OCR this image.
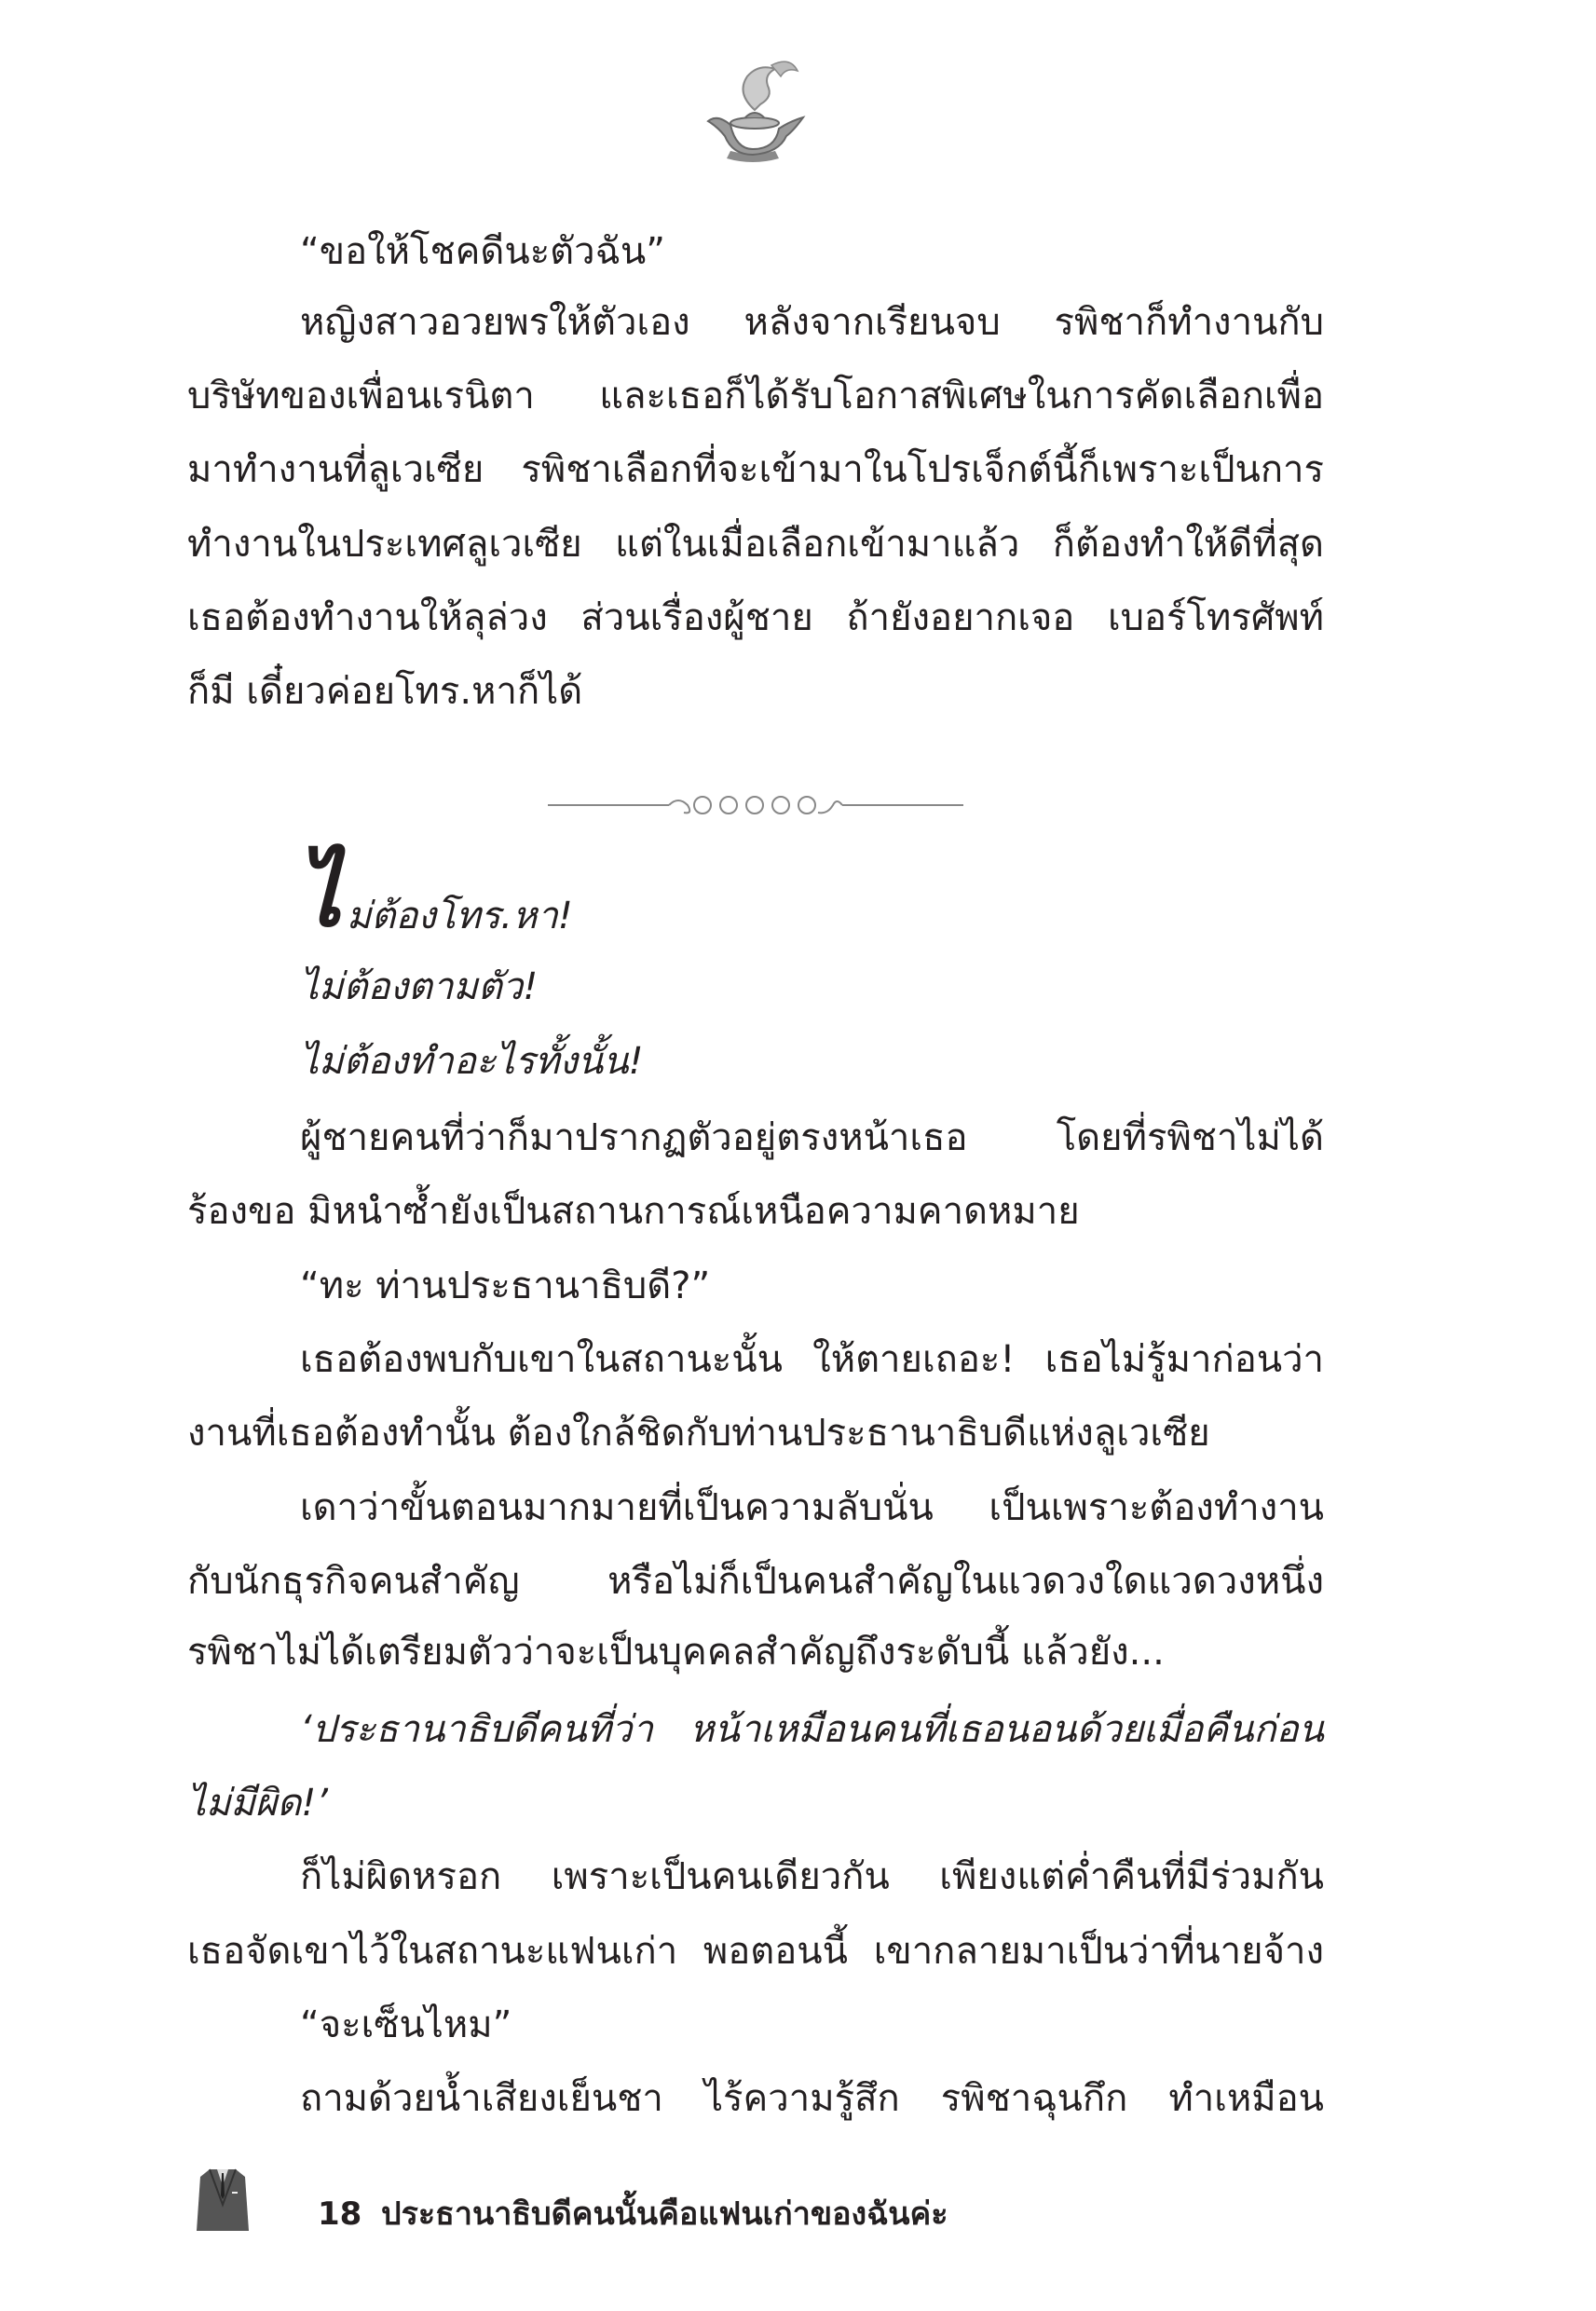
“ขอให้โชคดีนะตัวฉัน”
หญิงสาวอวยพรให้ตัวเอง หลังจากเรียนจบ รพิชาก็ทำงานกับ
บริษัทของเพื่อนเรนิตา และเธอก็ได้รับโอกาสพิเศษในการคัดเลือกเพื่อ
มาทำงานที่ลูเวเซีย รพิชาเลือกที่จะเข้ามาในโปรเจ็กต์นี้ก็เพราะเป็นการ
ทำงานในประเทศลูเวเซีย แต่ในเมื่อเลือกเข้ามาแล้ว ก็ต้องทำให้ดีที่สุด
เธอต้องทำงานให้ลุล่วง ส่วนเรื่องผู้ชาย ถ้ายังอยากเจอ เบอร์โทรศัพท์
ก็มี เดี๋ยวค่อยโทร.หาก็ได้
ไ ม่ต้องโทร.หา!
ไม่ต้องตามตัว!
ไม่ต้องทำอะไรทั้งนั้น!
ผู้ชายคนที่ว่าก็มาปรากฏตัวอยู่ตรงหน้าเธอ โดยที่รพิชาไม่ได้
ร้องขอ มิหนำซ้ำยังเป็นสถานการณ์เหนือความคาดหมาย
“ทะ ท่านประธานาธิบดี?”
เธอต้องพบกับเขาในสถานะนั้น ให้ตายเถอะ! เธอไม่รู้มาก่อนว่า
งานที่เธอต้องทำนั้น ต้องใกล้ชิดกับท่านประธานาธิบดีแห่งลูเวเซีย
เดาว่าขั้นตอนมากมายที่เป็นความลับนั่น เป็นเพราะต้องทำงาน
กับนักธุรกิจคนสำคัญ หรือไม่ก็เป็นคนสำคัญในแวดวงใดแวดวงหนึ่ง
รพิชาไม่ได้เตรียมตัวว่าจะเป็นบุคคลสำคัญถึงระดับนี้ แล้วยัง...
‘ประธานาธิบดีคนที่ว่า หน้าเหมือนคนที่เธอนอนด้วยเมื่อคืนก่อน
ไม่มีผิด!’
ก็ไม่ผิดหรอก เพราะเป็นคนเดียวกัน เพียงแต่ค่ำคืนที่มีร่วมกัน
เธอจัดเขาไว้ในสถานะแฟนเก่า พอตอนนี้ เขากลายมาเป็นว่าที่นายจ้าง
“จะเซ็นไหม”
ถามด้วยน้ำเสียงเย็นชา ไร้ความรู้สึก รพิชาฉุนกึก ทำเหมือน
18 ประธานาธิบดีคนนั้นคือแฟนเก่าของฉันค่ะ
